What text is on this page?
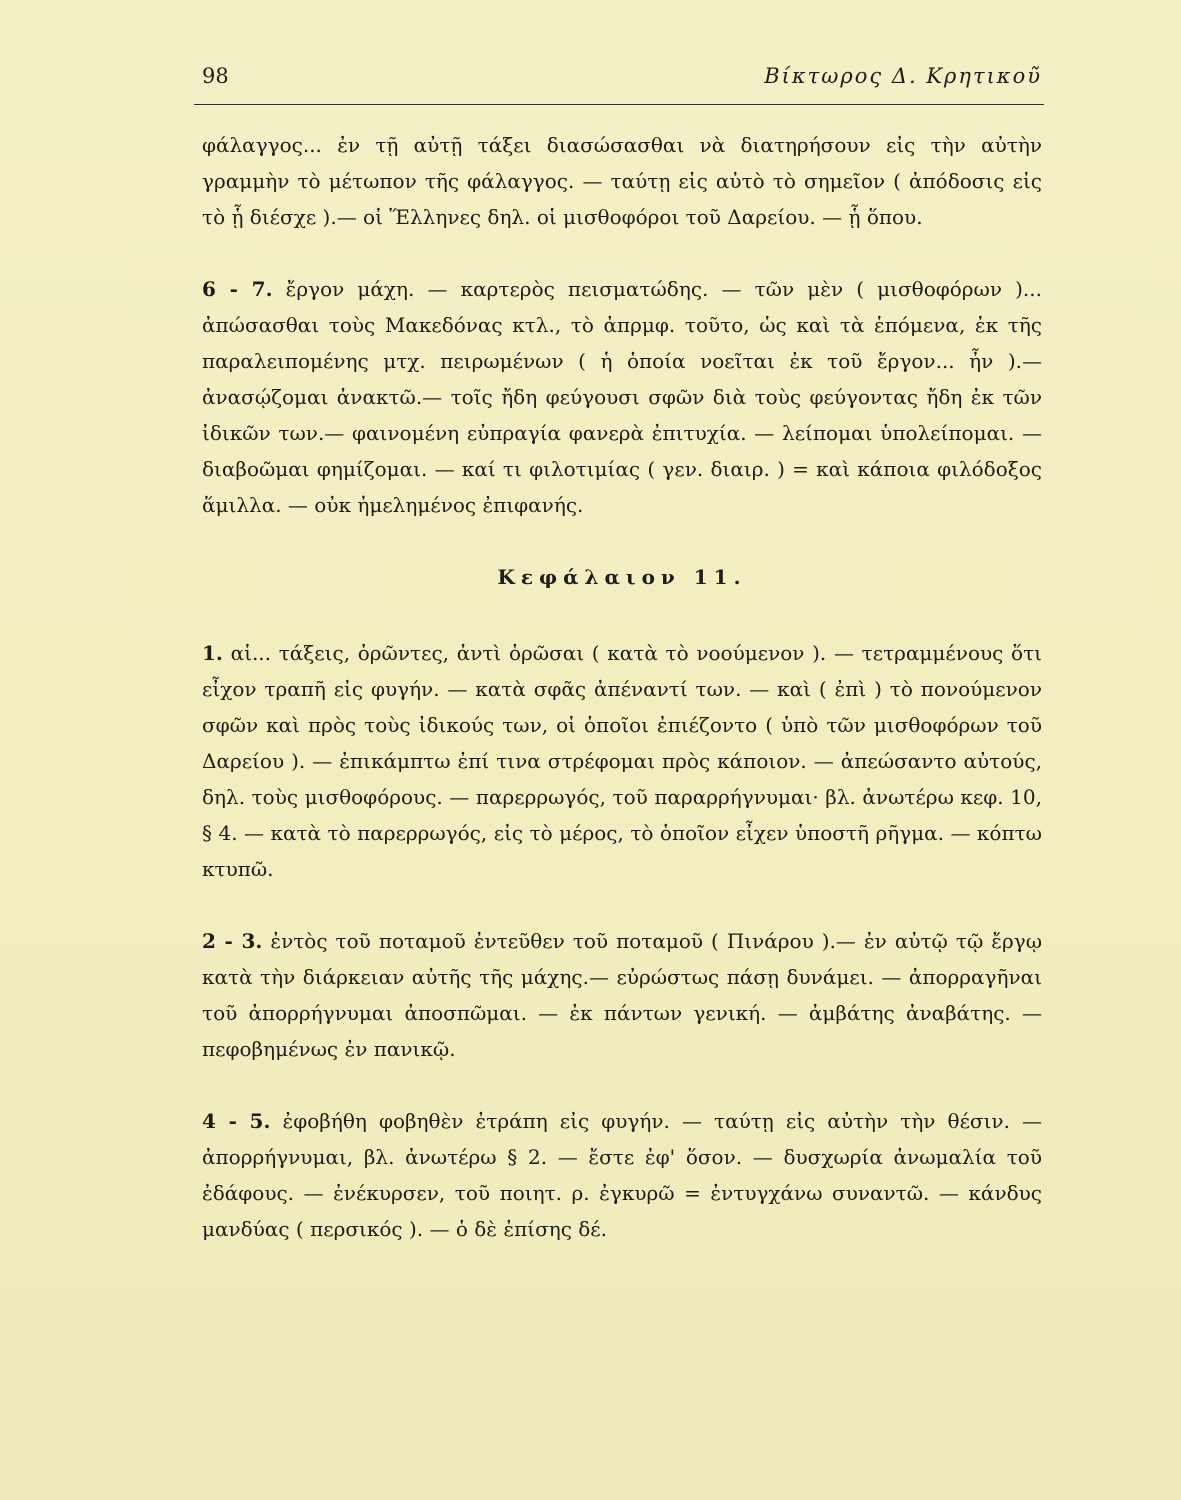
98	Βίκτωρος Δ. Κρητικοῦ

φάλαγγος... ἐν τῇ αὐτῇ τάξει διασώσασθαι νὰ διατηρήσουν εἰς τὴν αὐτὴν γραμμὴν τὸ μέτωπον τῆς φάλαγγος. — ταύτῃ εἰς αὐτὸ τὸ σημεῖον ( ἀπόδοσις εἰς τὸ ᾗ διέσχε ).— οἱ Ἕλληνες δηλ. οἱ μισθοφόροι τοῦ Δαρείου. — ᾗ ὅπου.

6 - 7. ἔργον μάχη. — καρτερὸς πεισματώδης. — τῶν μὲν ( μισθοφόρων )... ἀπώσασθαι τοὺς Μακεδόνας κτλ., τὸ ἀπρμφ. τοῦτο, ὡς καὶ τὰ ἑπόμενα, ἐκ τῆς παραλειπομένης μτχ. πειρωμένων ( ἡ ὁποία νοεῖται ἐκ τοῦ ἔργον... ἦν ).— ἀνασῴζομαι ἀνακτῶ.— τοῖς ἤδη φεύγουσι σφῶν διὰ τοὺς φεύγοντας ἤδη ἐκ τῶν ἰδικῶν των.— φαινομένη εὐπραγία φανερὰ ἐπιτυχία. — λείπομαι ὑπολείπομαι. — διαβοῶμαι φημίζομαι. — καί τι φιλοτιμίας ( γεν. διαιρ. ) = καὶ κάποια φιλόδοξος ἅμιλλα. — οὐκ ἠμελημένος ἐπιφανής.

Κεφάλαιον 11.

1. αἱ... τάξεις, ὁρῶντες, ἀντὶ ὁρῶσαι ( κατὰ τὸ νοούμενον ). — τετραμμένους ὅτι εἶχον τραπῆ εἰς φυγήν. — κατὰ σφᾶς ἀπέναντί των. — καὶ ( ἐπὶ ) τὸ πονούμενον σφῶν καὶ πρὸς τοὺς ἰδικούς των, οἱ ὁποῖοι ἐπιέζοντο ( ὑπὸ τῶν μισθοφόρων τοῦ Δαρείου ). — ἐπικάμπτω ἐπί τινα στρέφομαι πρὸς κάποιον. — ἀπεώσαντο αὐτούς, δηλ. τοὺς μισθοφόρους. — παρερρωγός, τοῦ παραρρήγνυμαι· βλ. ἀνωτέρω κεφ. 10, § 4. — κατὰ τὸ παρερρωγός, εἰς τὸ μέρος, τὸ ὁποῖον εἶχεν ὑποστῆ ρῆγμα. — κόπτω κτυπῶ.

2 - 3. ἐντὸς τοῦ ποταμοῦ ἐντεῦθεν τοῦ ποταμοῦ ( Πινάρου ).— ἐν αὐτῷ τῷ ἔργῳ κατὰ τὴν διάρκειαν αὐτῆς τῆς μάχης.— εὐρώστως πάσῃ δυνάμει. — ἀπορραγῆναι τοῦ ἀπορρήγνυμαι ἀποσπῶμαι. — ἐκ πάντων γενική. — ἀμβάτης ἀναβάτης. — πεφοβημένως ἐν πανικῷ.

4 - 5. ἐφοβήθη φοβηθὲν ἐτράπη εἰς φυγήν. — ταύτῃ εἰς αὐτὴν τὴν θέσιν. — ἀπορρήγνυμαι, βλ. ἀνωτέρω § 2. — ἔστε ἐφ' ὅσον. — δυσχωρία ἀνωμαλία τοῦ ἐδάφους. — ἐνέκυρσεν, τοῦ ποιητ. ρ. ἐγκυρῶ = ἐντυγχάνω συναντῶ. — κάνδυς μανδύας ( περσικός ). — ὁ δὲ ἐπίσης δέ.
